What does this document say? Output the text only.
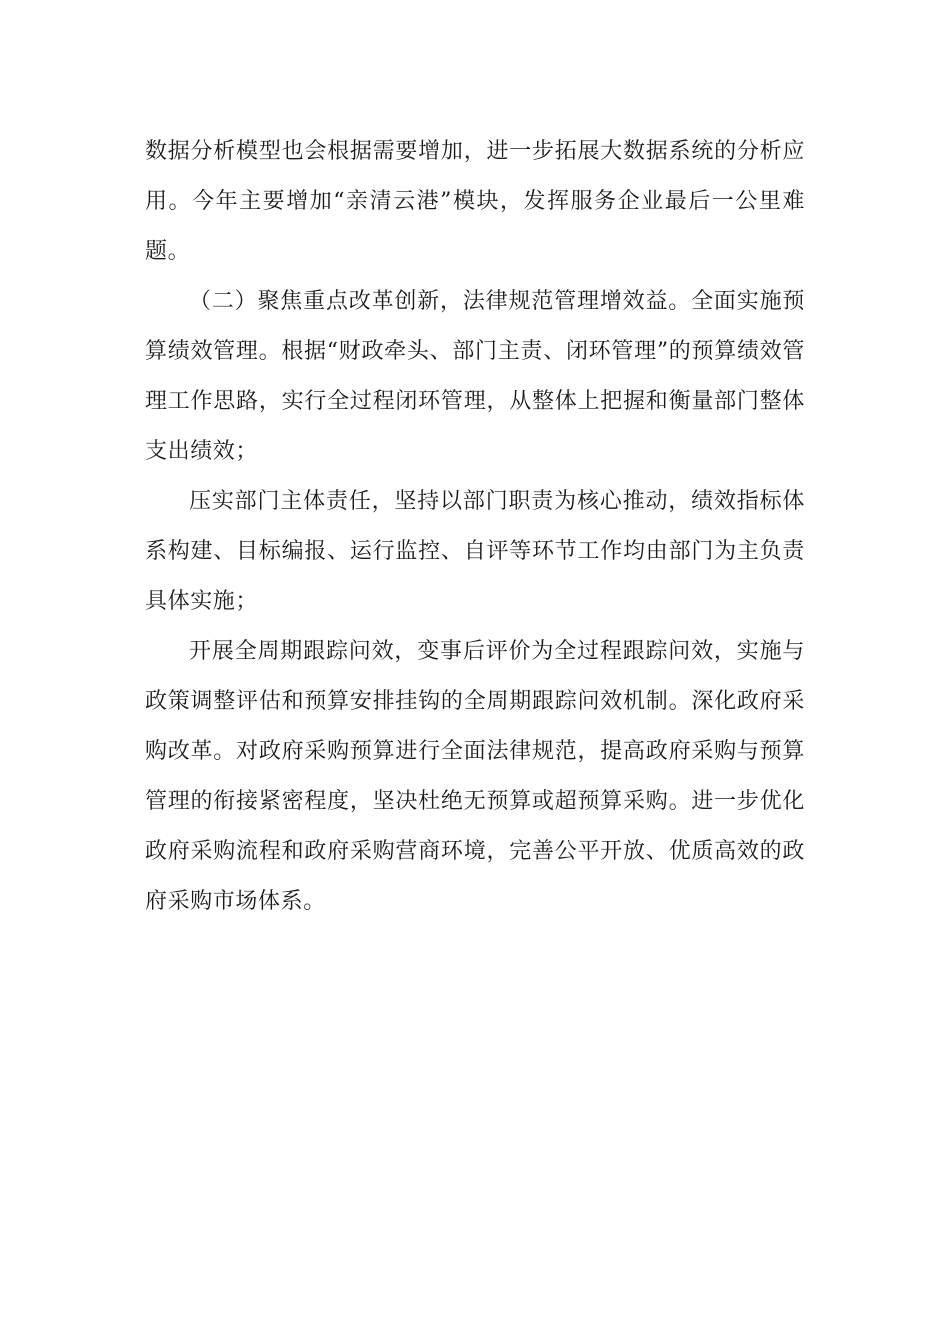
数据分析模型也会根据需要增加，进一步拓展大数据系统的分析应用。今年主要增加“亲清云港”模块，发挥服务企业最后一公里难题。

（二）聚焦重点改革创新，法律规范管理增效益。全面实施预算绩效管理。根据“财政牵头、部门主责、闭环管理”的预算绩效管理工作思路，实行全过程闭环管理，从整体上把握和衡量部门整体支出绩效；

压实部门主体责任，坚持以部门职责为核心推动，绩效指标体系构建、目标编报、运行监控、自评等环节工作均由部门为主负责具体实施；

开展全周期跟踪问效，变事后评价为全过程跟踪问效，实施与政策调整评估和预算安排挂钩的全周期跟踪问效机制。深化政府采购改革。对政府采购预算进行全面法律规范，提高政府采购与预算管理的衔接紧密程度，坚决杜绝无预算或超预算采购。进一步优化政府采购流程和政府采购营商环境，完善公平开放、优质高效的政府采购市场体系。
